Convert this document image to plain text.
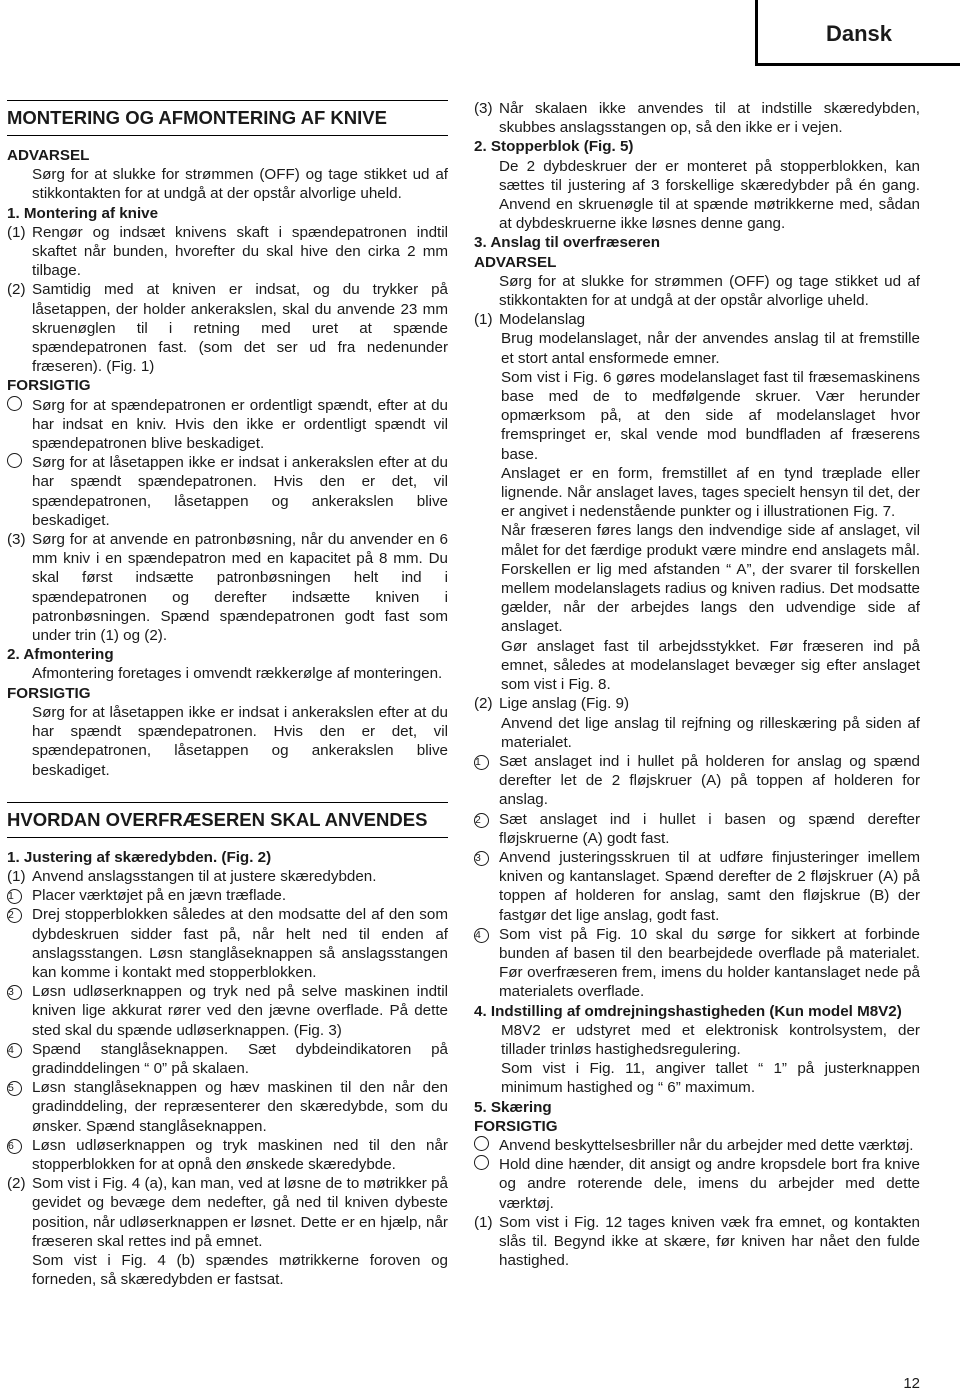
Dansk
MONTERING OG AFMONTERING AF KNIVE
ADVARSEL
Sørg for at slukke for strømmen (OFF) og tage stikket ud af stikkontakten for at undgå at der opstår alvorlige uheld.
1. Montering af knive
(1) Rengør og indsæt knivens skaft i spændepatronen indtil skaftet når bunden, hvorefter du skal hive den cirka 2 mm tilbage.
(2) Samtidig med at kniven er indsat, og du trykker på låsetappen, der holder ankerakslen, skal du anvende 23 mm skruenøglen til i retning med uret at spænde spændepatronen fast. (som det ser ud fra nedenunder fræseren). (Fig. 1)
FORSIGTIG
Sørg for at spændepatronen er ordentligt spændt, efter at du har indsat en kniv. Hvis den ikke er ordentligt spændt vil spændepatronen blive beskadiget.
Sørg for at låsetappen ikke er indsat i ankerakslen efter at du har spændt spændepatronen. Hvis den er det, vil spændepatronen, låsetappen og ankerakslen blive beskadiget.
(3) Sørg for at anvende en patronbøsning, når du anvender en 6 mm kniv i en spændepatron med en kapacitet på 8 mm. Du skal først indsætte patronbøsningen helt ind i spændepatronen og derefter indsætte kniven i patronbøsningen. Spænd spændepatronen godt fast som under trin (1) og (2).
2. Afmontering
Afmontering foretages i omvendt rækkerølge af monteringen.
FORSIGTIG
Sørg for at låsetappen ikke er indsat i ankerakslen efter at du har spændt spændepatronen. Hvis den er det, vil spændepatronen, låsetappen og ankerakslen blive beskadiget.
HVORDAN OVERFRÆSEREN SKAL ANVENDES
1. Justering af skæredybden. (Fig. 2)
(1) Anvend anslagsstangen til at justere skæredybden.
1	Placer værktøjet på en jævn træflade.
2	Drej stopperblokken således at den modsatte del af den som dybdeskruen sidder fast på, når helt ned til enden af anslagsstangen. Løsn stanglåseknappen så anslagsstangen kan komme i kontakt med stopperblokken.
3	Løsn udløserknappen og tryk ned på selve maskinen indtil kniven lige akkurat rører ved den jævne overflade. På dette sted skal du spænde udløserknappen. (Fig. 3)
4	Spænd stanglåseknappen. Sæt dybdeindikatoren på gradinddelingen “ 0” på skalaen.
5	Løsn stanglåseknappen og hæv maskinen til den når den gradinddeling, der repræsenterer den skæredybde, som du ønsker. Spænd stanglåseknappen.
6	Løsn udløserknappen og tryk maskinen ned til den når stopperblokken for at opnå den ønskede skæredybde.
(2) Som vist i Fig. 4 (a), kan man, ved at løsne de to møtrikker på gevidet og bevæge dem nedefter, gå ned til kniven dybeste position, når udløserknappen er løsnet. Dette er en hjælp, når fræseren skal rettes ind på emnet.
Som vist i Fig. 4 (b) spændes møtrikkerne foroven og forneden, så skæredybden er fastsat.
(3) Når skalaen ikke anvendes til at indstille skæredybden, skubbes anslagsstangen op, så den ikke er i vejen.
2. Stopperblok (Fig. 5)
De 2 dybdeskruer der er monteret på stopperblokken, kan sættes til justering af 3 forskellige skæredybder på én gang. Anvend en skruenøgle til at spænde møtrikkerne med, sådan at dybdeskruerne ikke løsnes denne gang.
3. Anslag til overfræseren
ADVARSEL
Sørg for at slukke for strømmen (OFF) og tage stikket ud af stikkontakten for at undgå at der opstår alvorlige uheld.
(1) Modelanslag
Brug modelanslaget, når der anvendes anslag til at fremstille et stort antal ensformede emner.
Som vist i Fig. 6 gøres modelanslaget fast til fræsemaskinens base med de to medfølgende skruer. Vær herunder opmærksom på, at den side af modelanslaget hvor fremspringet er, skal vende mod bundfladen af fræserens base.
Anslaget er en form, fremstillet af en tynd træplade eller lignende. Når anslaget laves, tages specielt hensyn til det, der er angivet i nedenstående punkter og i illustrationen Fig. 7.
Når fræseren føres langs den indvendige side af anslaget, vil målet for det færdige produkt være mindre end anslagets mål. Forskellen er lig med afstanden “ A”, der svarer til forskellen mellem modelanslagets radius og kniven radius. Det modsatte gælder, når der arbejdes langs den udvendige side af anslaget.
Gør anslaget fast til arbejdsstykket. Før fræseren ind på emnet, således at modelanslaget bevæger sig efter anslaget som vist i Fig. 8.
(2) Lige anslag (Fig. 9)
Anvend det lige anslag til rejfning og rilleskæring på siden af materialet.
1	Sæt anslaget ind i hullet på holderen for anslag og spænd derefter let de 2 fløjskruer (A) på toppen af holderen for anslag.
2	Sæt anslaget ind i hullet i basen og spænd derefter fløjskruerne (A) godt fast.
3	Anvend justeringsskruen til at udføre finjusteringer imellem kniven og kantanslaget. Spænd derefter de 2 fløjskruer (A) på toppen af holderen for anslag, samt den fløjskrue (B) der fastgør det lige anslag, godt fast.
4	Som vist på Fig. 10 skal du sørge for sikkert at forbinde bunden af basen til den bearbejdede overflade på materialet. Før overfræseren frem, imens du holder kantanslaget nede på materialets overflade.
4. Indstilling af omdrejningshastigheden (Kun model M8V2)
M8V2 er udstyret med et elektronisk kontrolsystem, der tillader trinløs hastighedsregulering.
Som vist i Fig. 11, angiver tallet “ 1” på justerknappen minimum hastighed og “ 6” maximum.
5. Skæring
FORSIGTIG
Anvend beskyttelsesbriller når du arbejder med dette værktøj.
Hold dine hænder, dit ansigt og andre kropsdele bort fra knive og andre roterende dele, imens du arbejder med dette værktøj.
(1) Som vist i Fig. 12 tages kniven væk fra emnet, og kontakten slås til. Begynd ikke at skære, før kniven har nået den fulde hastighed.
12
